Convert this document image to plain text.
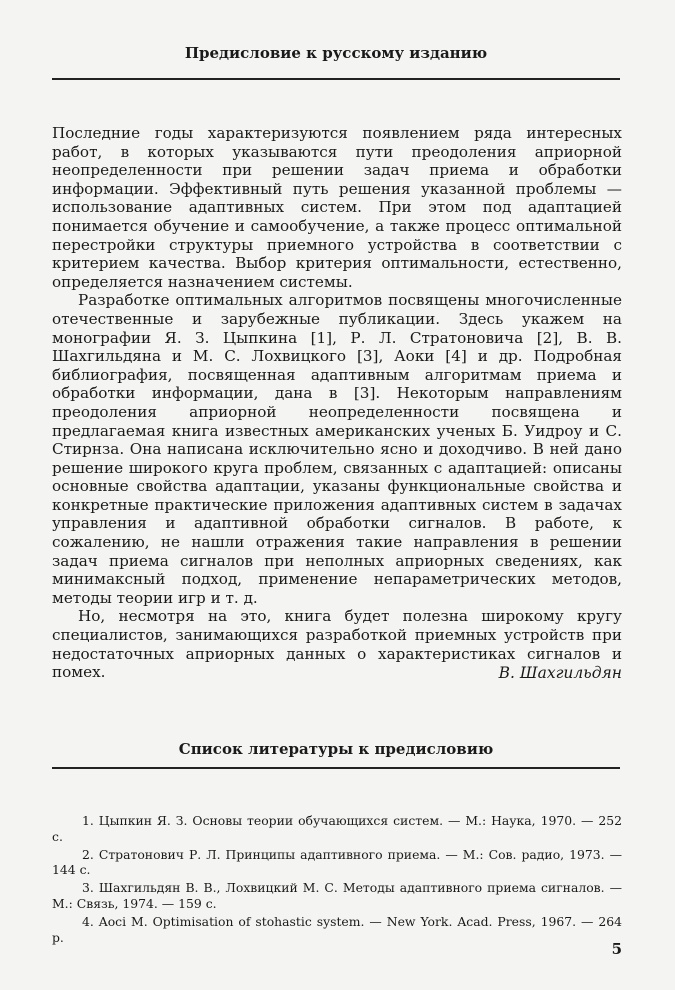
Предисловие к русскому изданию

Последние годы характеризуются появлением ряда интересных работ, в которых указываются пути преодоления априорной неопределенности при решении задач приема и обработки информации. Эффективный путь решения указанной проблемы — использование адаптивных систем. При этом под адаптацией понимается обучение и самообучение, а также процесс оптимальной перестройки структуры приемного устройства в соответствии с критерием качества. Выбор критерия оптимальности, естественно, определяется назначением системы.

Разработке оптимальных алгоритмов посвящены многочисленные отечественные и зарубежные публикации. Здесь укажем на монографии Я. З. Цыпкина [1], Р. Л. Стратоновича [2], В. В. Шахгильдяна и М. С. Лохвицкого [3], Аоки [4] и др. Подробная библиография, посвященная адаптивным алгоритмам приема и обработки информации, дана в [3]. Некоторым направлениям преодоления априорной неопределенности посвящена и предлагаемая книга известных американских ученых Б. Уидроу и С. Стирнза. Она написана исключительно ясно и доходчиво. В ней дано решение широкого круга проблем, связанных с адаптацией: описаны основные свойства адаптации, указаны функциональные свойства и конкретные практические приложения адаптивных систем в задачах управления и адаптивной обработки сигналов. В работе, к сожалению, не нашли отражения такие направления в решении задач приема сигналов при неполных априорных сведениях, как минимаксный подход, применение непараметрических методов, методы теории игр и т. д.

Но, несмотря на это, книга будет полезна широкому кругу специалистов, занимающихся разработкой приемных устройств при недостаточных априорных данных о характеристиках сигналов и помех.	В. Шахгильдян
Список литературы к предисловию

1. Цыпкин Я. З. Основы теории обучающихся систем. — М.: Наука, 1970. — 252 с.

2. Стратонович Р. Л. Принципы адаптивного приема. — М.: Сов. радио, 1973. — 144 с.

3. Шахгильдян В. В., Лохвицкий М. С. Методы адаптивного приема сигналов. — М.: Связь, 1974. — 159 с.

4. Aoci M. Optimisation of stohastic system. — New York. Acad. Press, 1967. — 264 p.

5
